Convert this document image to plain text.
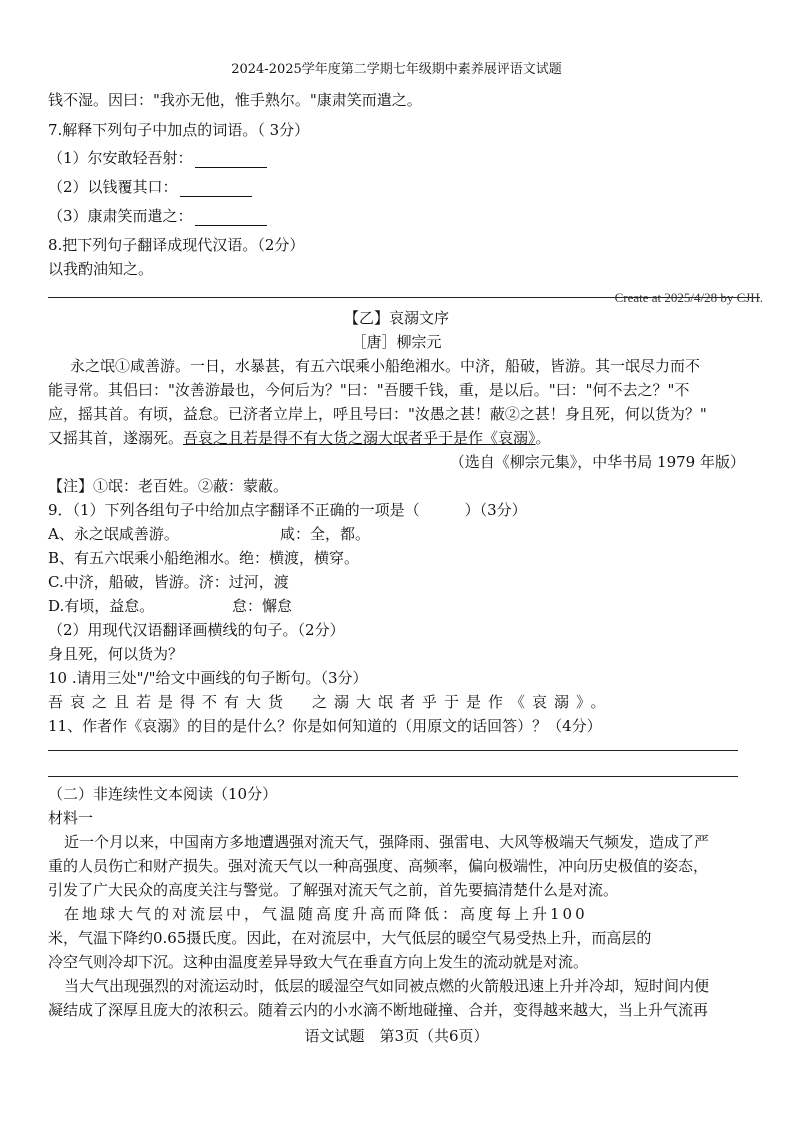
2024-2025学年度第二学期七年级期中素养展评语文试题
钱不湿。因曰："我亦无他，惟手熟尔。"康肃笑而遣之。
7.解释下列句子中加点的词语。（ 3分）
（1）尔安敢轻吾射：
（2）以钱覆其口：
（3）康肃笑而遣之：
8.把下列句子翻译成现代汉语。（2分）
以我酌油知之。
Create at 2025/4/28 by CJH.
【乙】哀溺文序
［唐］柳宗元
永之氓①咸善游。一日，水暴甚，有五六氓乘小船绝湘水。中济，船破，皆游。其一氓尽力而不
能寻常。其侣曰："汝善游最也，今何后为？"曰："吾腰千钱，重，是以后。"曰："何不去之？"不
应，摇其首。有顷，益怠。已济者立岸上，呼且号曰："汝愚之甚！蔽②之甚！身且死，何以货为？"
又摇其首，遂溺死。吾哀之且若是得不有大货之溺大氓者乎于是作《哀溺》。
（选自《柳宗元集》，中华书局 1979 年版）
【注】①氓：老百姓。②蔽：蒙蔽。
9．（1）下列各组句子中给加点字翻译不正确的一项是（　　　）（3分）
A、永之氓咸善游。	咸：全，都。
B、有五六氓乘小船绝湘水。绝：横渡，横穿。
C.中济，船破，皆游。济：过河，渡
D.有顷，益怠。	怠：懈怠
（2）用现代汉语翻译画横线的句子。（2分）
身且死，何以货为？
10 .请用三处"/"给文中画线的句子断句。（3分）
吾哀之且若是得不有大货　之溺大氓者乎于是作《哀溺》。
11、作者作《哀溺》的目的是什么？你是如何知道的（用原文的话回答）？（4分）
（二）非连续性文本阅读（10分）
材料一
近一个月以来，中国南方多地遭遇强对流天气，强降雨、强雷电、大风等极端天气频发，造成了严
重的人员伤亡和财产损失。强对流天气以一种高强度、高频率，偏向极端性，冲向历史极值的姿态，
引发了广大民众的高度关注与警觉。了解强对流天气之前，首先要搞清楚什么是对流。
在地球大气的对流层中，气温随高度升高而降低：高度每上升100
米，气温下降约0.65摄氏度。因此，在对流层中，大气低层的暖空气易受热上升，而高层的
冷空气则冷却下沉。这种由温度差异导致大气在垂直方向上发生的流动就是对流。
当大气出现强烈的对流运动时，低层的暖湿空气如同被点燃的火箭般迅速上升并冷却，短时间内便
凝结成了深厚且庞大的浓积云。随着云内的小水滴不断地碰撞、合并，变得越来越大，当上升气流再
语文试题　第3页（共6页）
